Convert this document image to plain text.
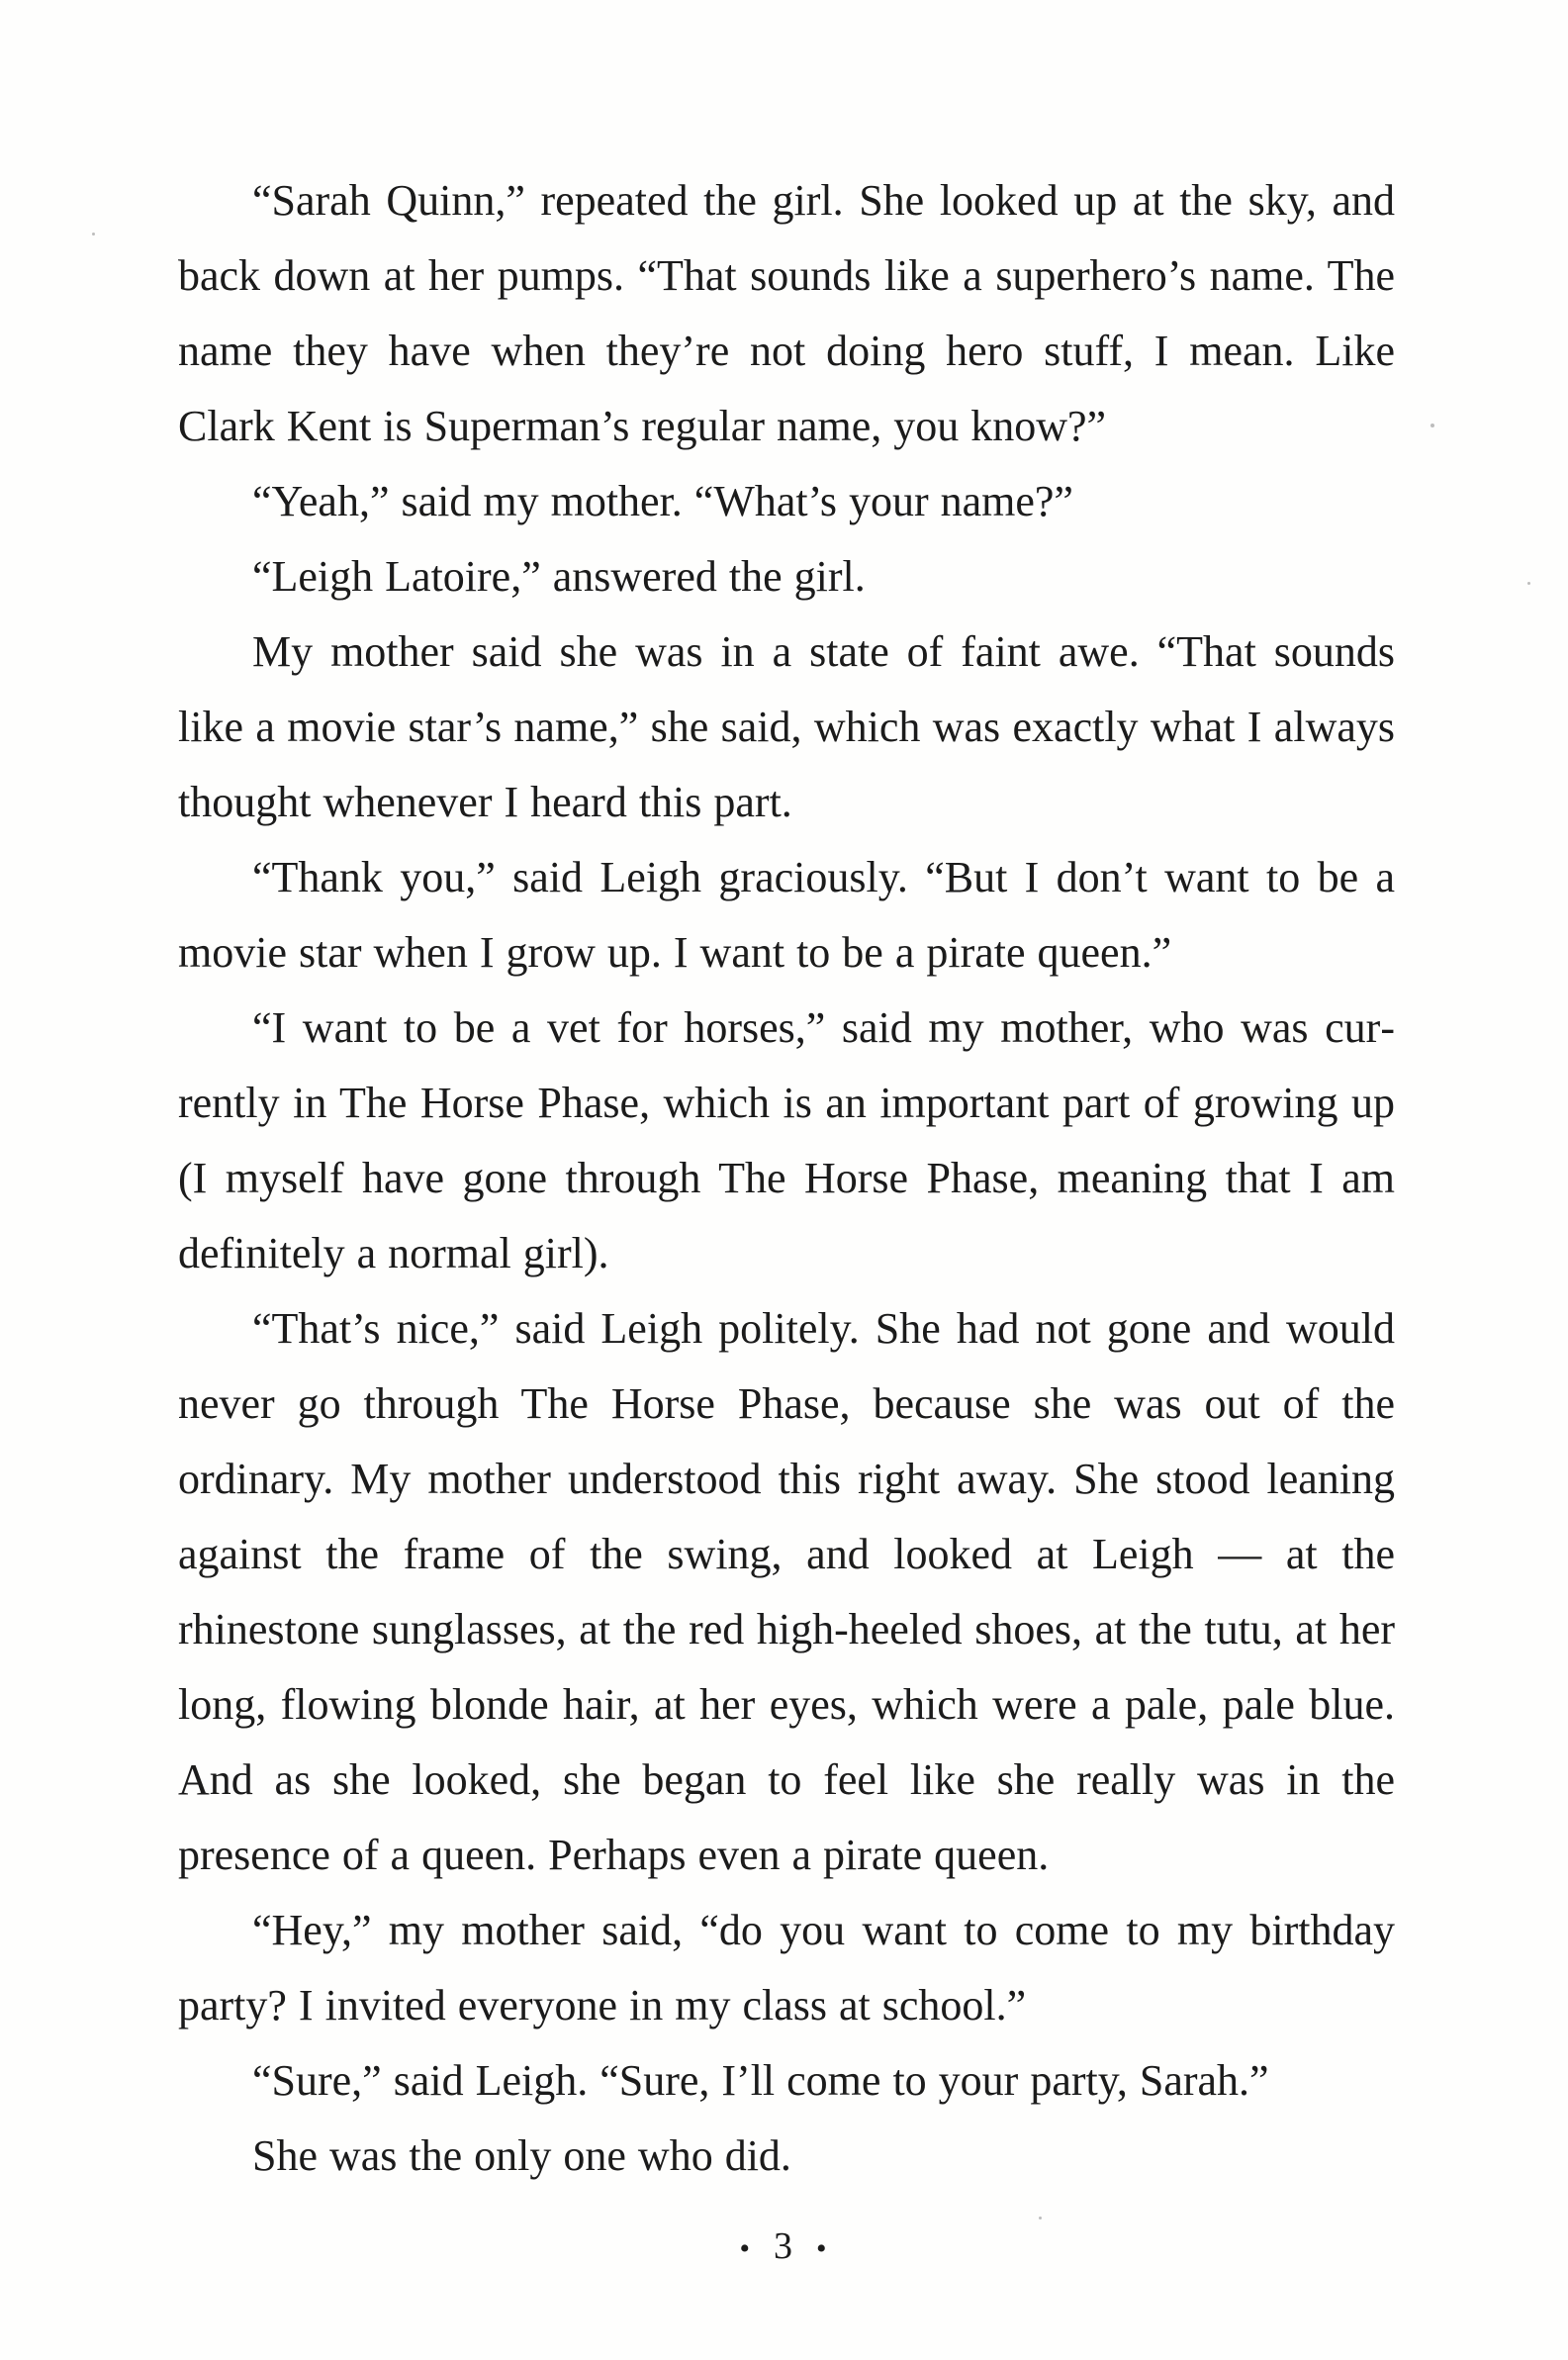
“Sarah Quinn,” repeated the girl. She looked up at the sky, and back down at her pumps. “That sounds like a superhero’s name. The name they have when they’re not doing hero stuff, I mean. Like Clark Kent is Superman’s regular name, you know?”

“Yeah,” said my mother. “What’s your name?”

“Leigh Latoire,” answered the girl.

My mother said she was in a state of faint awe. “That sounds like a movie star’s name,” she said, which was exactly what I always thought whenever I heard this part.

“Thank you,” said Leigh graciously. “But I don’t want to be a movie star when I grow up. I want to be a pirate queen.”

“I want to be a vet for horses,” said my mother, who was currently in The Horse Phase, which is an important part of growing up (I myself have gone through The Horse Phase, meaning that I am definitely a normal girl).

“That’s nice,” said Leigh politely. She had not gone and would never go through The Horse Phase, because she was out of the ordinary. My mother understood this right away. She stood leaning against the frame of the swing, and looked at Leigh — at the rhinestone sunglasses, at the red high-heeled shoes, at the tutu, at her long, flowing blonde hair, at her eyes, which were a pale, pale blue. And as she looked, she began to feel like she really was in the presence of a queen. Perhaps even a pirate queen.

“Hey,” my mother said, “do you want to come to my birthday party? I invited everyone in my class at school.”

“Sure,” said Leigh. “Sure, I’ll come to your party, Sarah.”

She was the only one who did.

• 3 •
